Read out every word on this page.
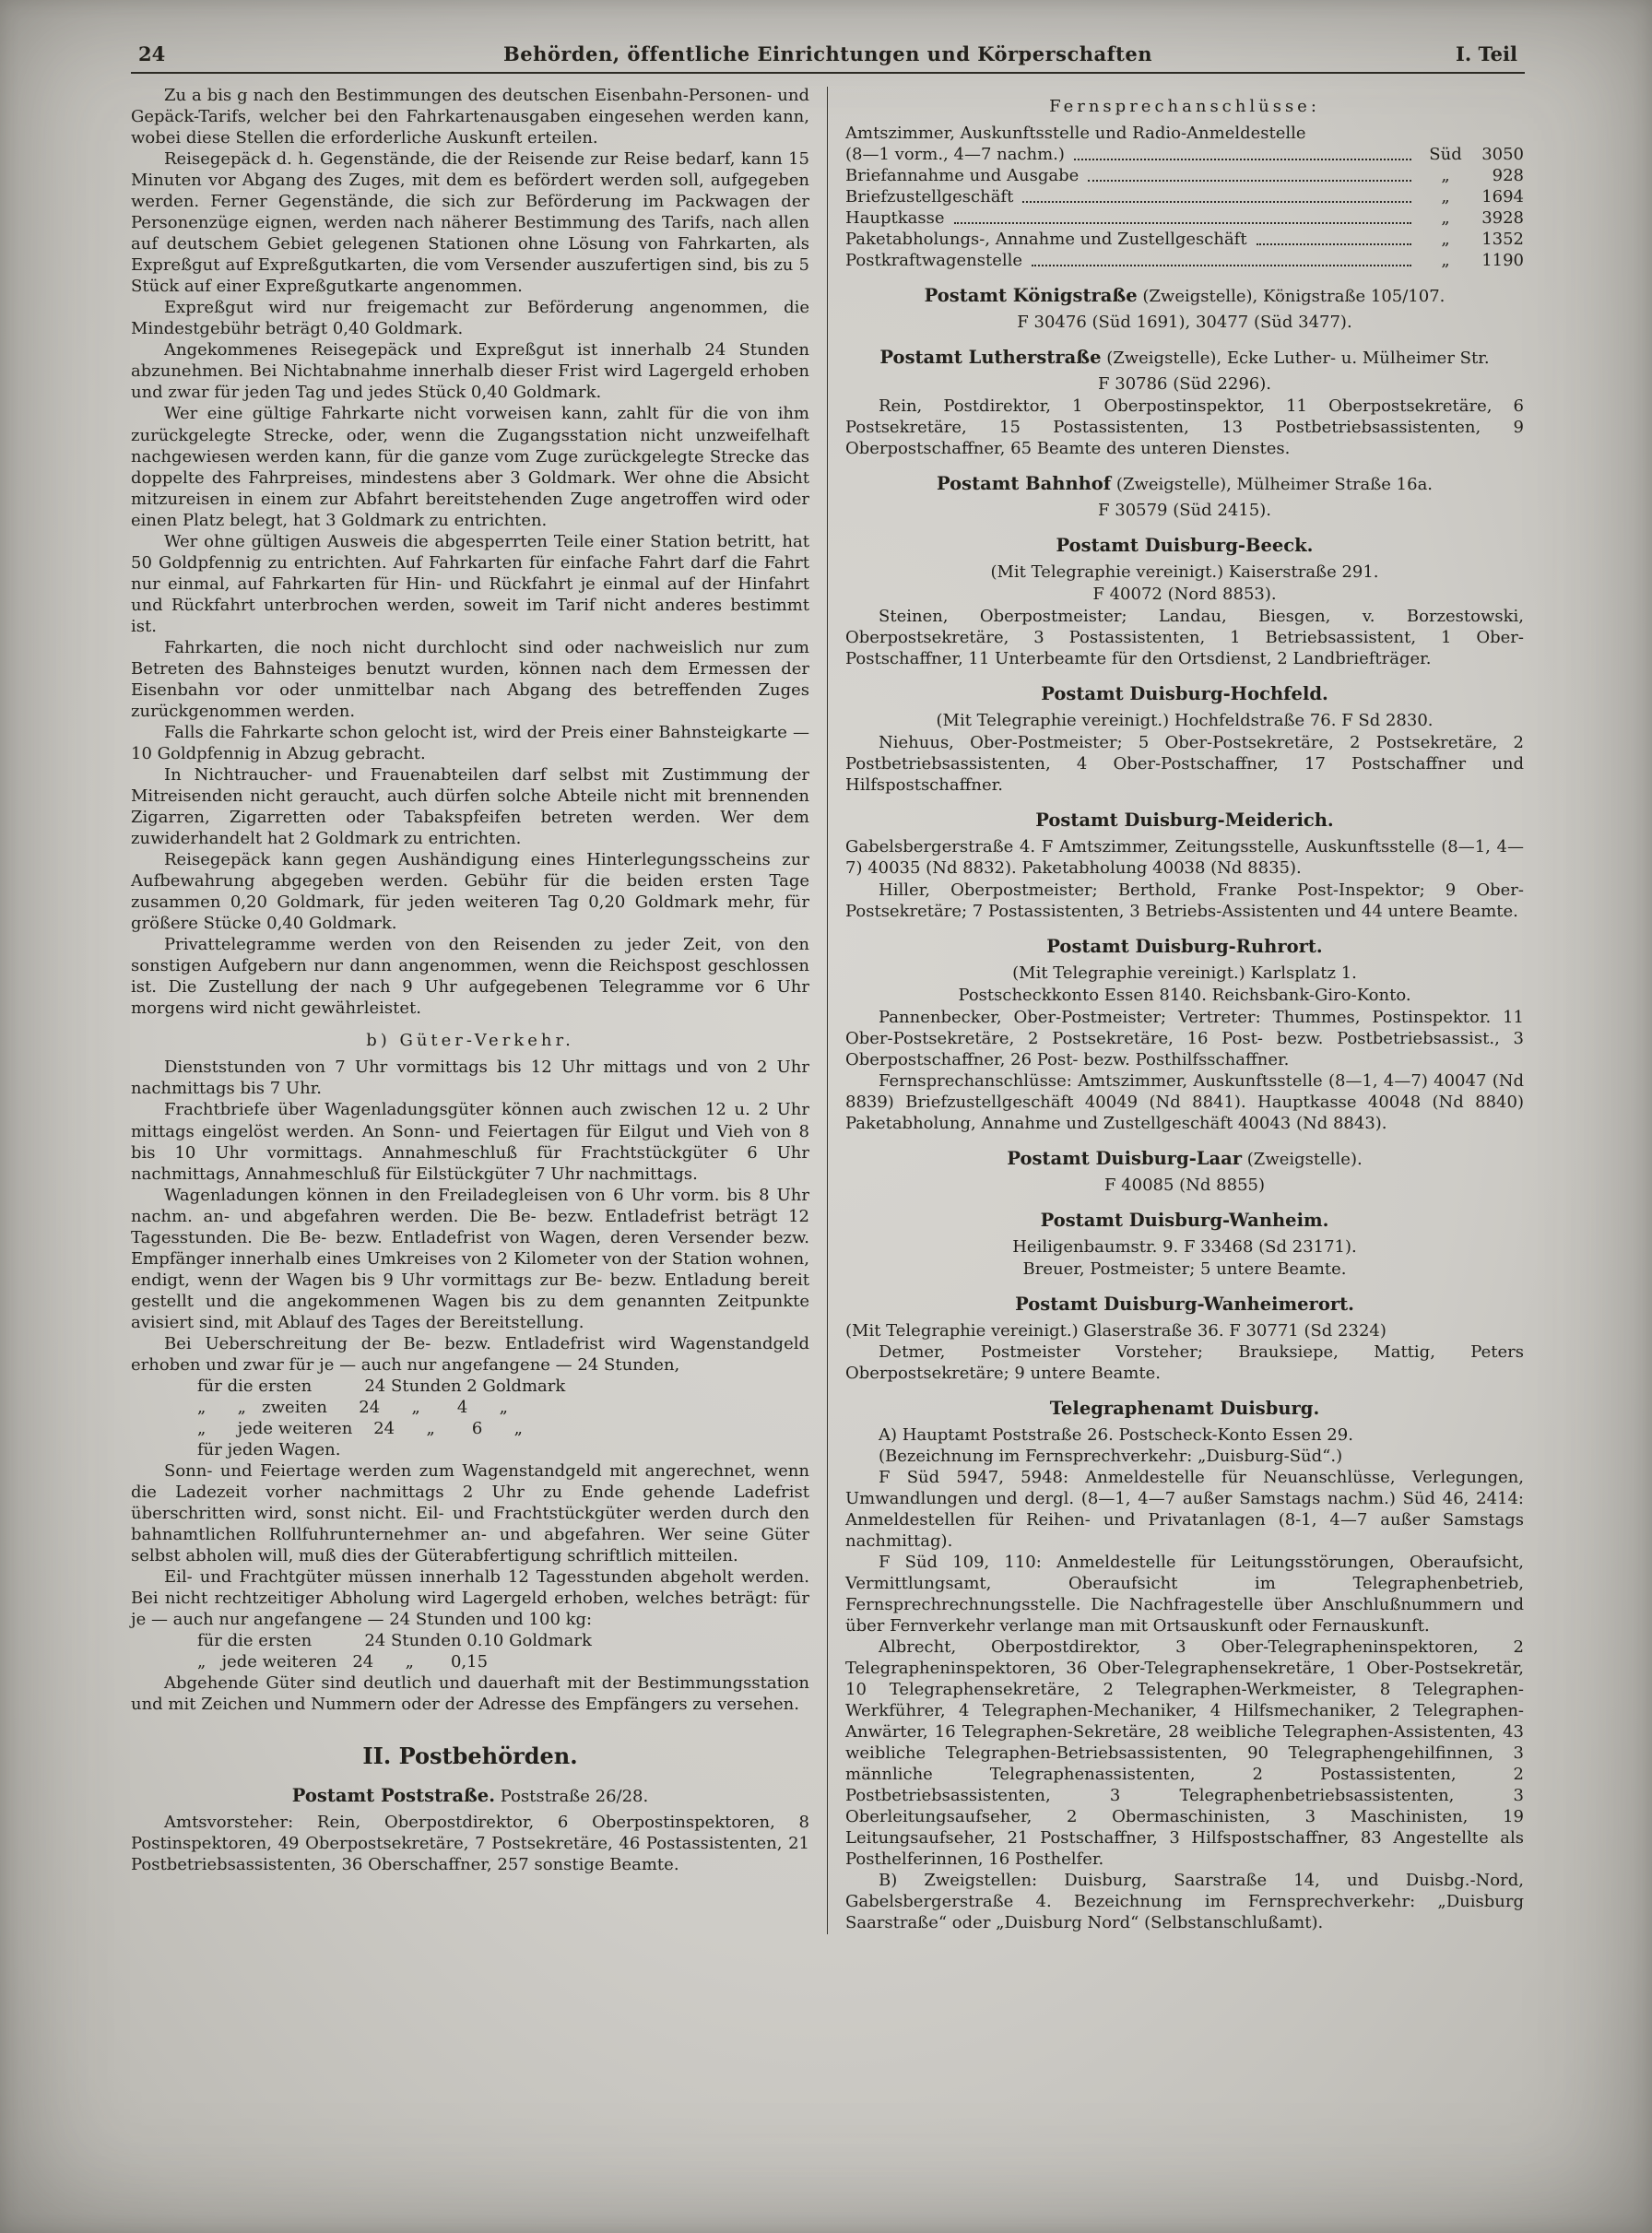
24	Behörden, öffentliche Einrichtungen und Körperschaften	I. Teil
Zu a bis g nach den Bestimmungen des deutschen Eisenbahn-Personen- und Gepäck-Tarifs, welcher bei den Fahrkartenausgaben eingesehen werden kann, wobei diese Stellen die erforderliche Auskunft erteilen.
Reisegepäck d. h. Gegenstände, die der Reisende zur Reise bedarf, kann 15 Minuten vor Abgang des Zuges, mit dem es befördert werden soll, aufgegeben werden. Ferner Gegenstände, die sich zur Beförderung im Packwagen der Personenzüge eignen, werden nach näherer Bestimmung des Tarifs, nach allen auf deutschem Gebiet gelegenen Stationen ohne Lösung von Fahrkarten, als Expreßgut auf Expreßgutkarten, die vom Versender auszufertigen sind, bis zu 5 Stück auf einer Expreßgutkarte angenommen.
Expreßgut wird nur freigemacht zur Beförderung angenommen, die Mindestgebühr beträgt 0,40 Goldmark.
Angekommenes Reisegepäck und Expreßgut ist innerhalb 24 Stunden abzunehmen. Bei Nichtabnahme innerhalb dieser Frist wird Lagergeld erhoben und zwar für jeden Tag und jedes Stück 0,40 Goldmark.
Wer eine gültige Fahrkarte nicht vorweisen kann, zahlt für die von ihm zurückgelegte Strecke, oder, wenn die Zugangsstation nicht unzweifelhaft nachgewiesen werden kann, für die ganze vom Zuge zurückgelegte Strecke das doppelte des Fahrpreises, mindestens aber 3 Goldmark. Wer ohne die Absicht mitzureisen in einem zur Abfahrt bereitstehenden Zuge angetroffen wird oder einen Platz belegt, hat 3 Goldmark zu entrichten.
Wer ohne gültigen Ausweis die abgesperrten Teile einer Station betritt, hat 50 Goldpfennig zu entrichten. Auf Fahrkarten für einfache Fahrt darf die Fahrt nur einmal, auf Fahrkarten für Hin- und Rückfahrt je einmal auf der Hinfahrt und Rückfahrt unterbrochen werden, soweit im Tarif nicht anderes bestimmt ist.
Fahrkarten, die noch nicht durchlocht sind oder nachweislich nur zum Betreten des Bahnsteiges benutzt wurden, können nach dem Ermessen der Eisenbahn vor oder unmittelbar nach Abgang des betreffenden Zuges zurückgenommen werden.
Falls die Fahrkarte schon gelocht ist, wird der Preis einer Bahnsteigkarte — 10 Goldpfennig in Abzug gebracht.
In Nichtraucher- und Frauenabteilen darf selbst mit Zustimmung der Mitreisenden nicht geraucht, auch dürfen solche Abteile nicht mit brennenden Zigarren, Zigarretten oder Tabakspfeifen betreten werden. Wer dem zuwiderhandelt hat 2 Goldmark zu entrichten.
Reisegepäck kann gegen Aushändigung eines Hinterlegungsscheins zur Aufbewahrung abgegeben werden. Gebühr für die beiden ersten Tage zusammen 0,20 Goldmark, für jeden weiteren Tag 0,20 Goldmark mehr, für größere Stücke 0,40 Goldmark.
Privattelegramme werden von den Reisenden zu jeder Zeit, von den sonstigen Aufgebern nur dann angenommen, wenn die Reichspost geschlossen ist. Die Zustellung der nach 9 Uhr aufgegebenen Telegramme vor 6 Uhr morgens wird nicht gewährleistet.
b) Güter-Verkehr.
Dienststunden von 7 Uhr vormittags bis 12 Uhr mittags und von 2 Uhr nachmittags bis 7 Uhr.
Frachtbriefe über Wagenladungsgüter können auch zwischen 12 u. 2 Uhr mittags eingelöst werden. An Sonn- und Feiertagen für Eilgut und Vieh von 8 bis 10 Uhr vormittags. Annahmeschluß für Frachtstückgüter 6 Uhr nachmittags, Annahmeschluß für Eilstückgüter 7 Uhr nachmittags.
Wagenladungen können in den Freiladegleisen von 6 Uhr vorm. bis 8 Uhr nachm. an- und abgefahren werden. Die Be- bezw. Entladefrist beträgt 12 Tagesstunden. Die Be- bezw. Entladefrist von Wagen, deren Versender bezw. Empfänger innerhalb eines Umkreises von 2 Kilometer von der Station wohnen, endigt, wenn der Wagen bis 9 Uhr vormittags zur Be- bezw. Entladung bereit gestellt und die angekommenen Wagen bis zu dem genannten Zeitpunkte avisiert sind, mit Ablauf des Tages der Bereitstellung.
Bei Ueberschreitung der Be- bezw. Entladefrist wird Wagenstandgeld erhoben und zwar für je — auch nur angefangene — 24 Stunden,
für die ersten          24 Stunden 2 Goldmark
„      „   zweiten      24      „       4      „
„      jede weiteren    24      „       6      „
für jeden Wagen.
Sonn- und Feiertage werden zum Wagenstandgeld mit angerechnet, wenn die Ladezeit vorher nachmittags 2 Uhr zu Ende gehende Ladefrist überschritten wird, sonst nicht. Eil- und Frachtstückgüter werden durch den bahnamtlichen Rollfuhrunternehmer an- und abgefahren. Wer seine Güter selbst abholen will, muß dies der Güterabfertigung schriftlich mitteilen.
Eil- und Frachtgüter müssen innerhalb 12 Tagesstunden abgeholt werden. Bei nicht rechtzeitiger Abholung wird Lagergeld erhoben, welches beträgt: für je — auch nur angefangene — 24 Stunden und 100 kg:
für die ersten          24 Stunden 0.10 Goldmark
„   jede weiteren   24      „       0,15
Abgehende Güter sind deutlich und dauerhaft mit der Bestimmungsstation und mit Zeichen und Nummern oder der Adresse des Empfängers zu versehen.
II. Postbehörden.
Postamt Poststraße. Poststraße 26/28.
Amtsvorsteher: Rein, Oberpostdirektor, 6 Oberpostinspektoren, 8 Postinspektoren, 49 Oberpostsekretäre, 7 Postsekretäre, 46 Postassistenten, 21 Postbetriebsassistenten, 36 Oberschaffner, 257 sonstige Beamte.
Fernsprechanschlüsse:
Amtszimmer, Auskunftsstelle und Radio-Anmeldestelle
(8—1 vorm., 4—7 nachm.)	Süd	3050
Briefannahme und Ausgabe	„	928
Briefzustellgeschäft	„	1694
Hauptkasse	„	3928
Paketabholungs-, Annahme und Zustellgeschäft	„	1352
Postkraftwagenstelle	„	1190
Postamt Königstraße (Zweigstelle), Königstraße 105/107.
F 30476 (Süd 1691), 30477 (Süd 3477).
Postamt Lutherstraße (Zweigstelle), Ecke Luther- u. Mülheimer Str.
F 30786 (Süd 2296).
Rein, Postdirektor, 1 Oberpostinspektor, 11 Oberpostsekretäre, 6 Postsekretäre, 15 Postassistenten, 13 Postbetriebsassistenten, 9 Oberpostschaffner, 65 Beamte des unteren Dienstes.
Postamt Bahnhof (Zweigstelle), Mülheimer Straße 16a.
F 30579 (Süd 2415).
Postamt Duisburg-Beeck.
(Mit Telegraphie vereinigt.) Kaiserstraße 291.
F 40072 (Nord 8853).
Steinen, Oberpostmeister; Landau, Biesgen, v. Borzestowski, Oberpostsekretäre, 3 Postassistenten, 1 Betriebsassistent, 1 Ober-Postschaffner, 11 Unterbeamte für den Ortsdienst, 2 Landbriefträger.
Postamt Duisburg-Hochfeld.
(Mit Telegraphie vereinigt.) Hochfeldstraße 76. F Sd 2830.
Niehuus, Ober-Postmeister; 5 Ober-Postsekretäre, 2 Postsekretäre, 2 Postbetriebsassistenten, 4 Ober-Postschaffner, 17 Postschaffner und Hilfspostschaffner.
Postamt Duisburg-Meiderich.
Gabelsbergerstraße 4. F Amtszimmer, Zeitungsstelle, Auskunftsstelle (8—1, 4—7) 40035 (Nd 8832). Paketabholung 40038 (Nd 8835).
Hiller, Oberpostmeister; Berthold, Franke Post-Inspektor; 9 Ober-Postsekretäre; 7 Postassistenten, 3 Betriebs-Assistenten und 44 untere Beamte.
Postamt Duisburg-Ruhrort.
(Mit Telegraphie vereinigt.) Karlsplatz 1.
Postscheckkonto Essen 8140. Reichsbank-Giro-Konto.
Pannenbecker, Ober-Postmeister; Vertreter: Thummes, Postinspektor. 11 Ober-Postsekretäre, 2 Postsekretäre, 16 Post- bezw. Postbetriebsassist., 3 Oberpostschaffner, 26 Post- bezw. Posthilfsschaffner.
Fernsprechanschlüsse: Amtszimmer, Auskunftsstelle (8—1, 4—7) 40047 (Nd 8839) Briefzustellgeschäft 40049 (Nd 8841). Hauptkasse 40048 (Nd 8840) Paketabholung, Annahme und Zustellgeschäft 40043 (Nd 8843).
Postamt Duisburg-Laar (Zweigstelle).
F 40085 (Nd 8855)
Postamt Duisburg-Wanheim.
Heiligenbaumstr. 9. F 33468 (Sd 23171).
Breuer, Postmeister; 5 untere Beamte.
Postamt Duisburg-Wanheimerort.
(Mit Telegraphie vereinigt.) Glaserstraße 36. F 30771 (Sd 2324)
Detmer, Postmeister Vorsteher; Brauksiepe, Mattig, Peters Oberpostsekretäre; 9 untere Beamte.
Telegraphenamt Duisburg.
A) Hauptamt Poststraße 26. Postscheck-Konto Essen 29.
(Bezeichnung im Fernsprechverkehr: „Duisburg-Süd“.)
F Süd 5947, 5948: Anmeldestelle für Neuanschlüsse, Verlegungen, Umwandlungen und dergl. (8—1, 4—7 außer Samstags nachm.) Süd 46, 2414: Anmeldestellen für Reihen- und Privatanlagen (8-1, 4—7 außer Samstags nachmittag).
F Süd 109, 110: Anmeldestelle für Leitungsstörungen, Oberaufsicht, Vermittlungsamt, Oberaufsicht im Telegraphenbetrieb, Fernsprechrechnungsstelle. Die Nachfragestelle über Anschlußnummern und über Fernverkehr verlange man mit Ortsauskunft oder Fernauskunft.
Albrecht, Oberpostdirektor, 3 Ober-Telegrapheninspektoren, 2 Telegrapheninspektoren, 36 Ober-Telegraphensekretäre, 1 Ober-Postsekretär, 10 Telegraphensekretäre, 2 Telegraphen-Werkmeister, 8 Telegraphen-Werkführer, 4 Telegraphen-Mechaniker, 4 Hilfsmechaniker, 2 Telegraphen-Anwärter, 16 Telegraphen-Sekretäre, 28 weibliche Telegraphen-Assistenten, 43 weibliche Telegraphen-Betriebsassistenten, 90 Telegraphengehilfinnen, 3 männliche Telegraphenassistenten, 2 Postassistenten, 2 Postbetriebsassistenten, 3 Telegraphenbetriebsassistenten, 3 Oberleitungsaufseher, 2 Obermaschinisten, 3 Maschinisten, 19 Leitungsaufseher, 21 Postschaffner, 3 Hilfspostschaffner, 83 Angestellte als Posthelferinnen, 16 Posthelfer.
B) Zweigstellen: Duisburg, Saarstraße 14, und Duisbg.-Nord, Gabelsbergerstraße 4. Bezeichnung im Fernsprechverkehr: „Duisburg Saarstraße“ oder „Duisburg Nord“ (Selbstanschlußamt).
